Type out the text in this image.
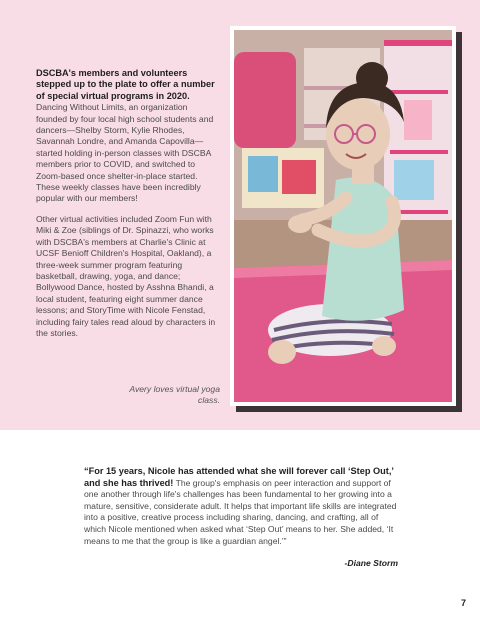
DSCBA's members and volunteers stepped up to the plate to offer a number of special virtual programs in 2020. Dancing Without Limits, an organization founded by four local high school students and dancers—Shelby Storm, Kylie Rhodes, Savannah Londre, and Amanda Capovilla—started holding in-person classes with DSCBA members prior to COVID, and switched to Zoom-based once shelter-in-place started. These weekly classes have been incredibly popular with our members!

Other virtual activities included Zoom Fun with Miki & Zoe (siblings of Dr. Spinazzi, who works with DSCBA's members at Charlie's Clinic at UCSF Benioff Children's Hospital, Oakland), a three-week summer program featuring basketball, drawing, yoga, and dance; Bollywood Dance, hosted by Asshna Bhandi, a local student, featuring eight summer dance lessons; and StoryTime with Nicole Fenstad, including fairy tales read aloud by characters in the stories.

Avery loves virtual yoga class.
“For 15 years, Nicole has attended what she will forever call ‘Step Out,’ and she has thrived! The group's emphasis on peer interaction and support of one another through life's challenges has been fundamental to her growing into a mature, sensitive, considerate adult. It helps that important life skills are integrated into a positive, creative process including sharing, dancing, and crafting, all of which Nicole mentioned when asked what ‘Step Out’ means to her. She added, ‘It means to me that the group is like a guardian angel.’”
-Diane Storm
7
